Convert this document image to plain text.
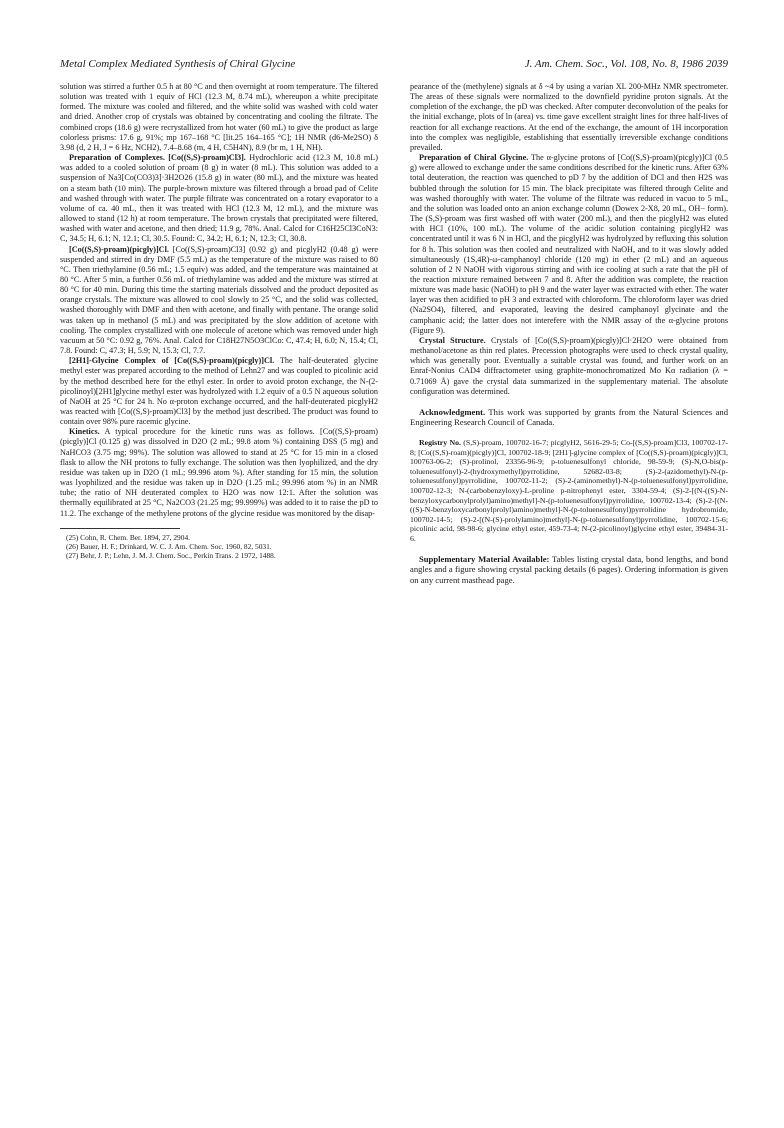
Metal Complex Mediated Synthesis of Chiral Glycine	J. Am. Chem. Soc., Vol. 108, No. 8, 1986 2039

solution was stirred a further 0.5 h at 80 °C and then overnight at room temperature. The filtered solution was treated with 1 equiv of HCl (12.3 M, 8.74 mL), whereupon a white precipitate formed. The mixture was cooled and filtered, and the white solid was washed with cold water and dried. Another crop of crystals was obtained by concentrating and cooling the filtrate. The combined crops (18.6 g) were recrystallized from hot water (60 mL) to give the product as large colorless prisms: 17.6 g, 91%; mp 167–168 °C [lit.25 164–165 °C]; 1H NMR (d6-Me2SO) δ 3.98 (d, 2 H, J = 6 Hz, NCH2), 7.4–8.68 (m, 4 H, C5H4N), 8.9 (br m, 1 H, NH).

Preparation of Complexes. [Co((S,S)-proam)Cl3]. Hydrochloric acid (12.3 M, 10.8 mL) was added to a cooled solution of proam (8 g) in water (8 mL). This solution was added to a suspension of Na3[Co(CO3)3]·3H2O26 (15.8 g) in water (80 mL), and the mixture was heated on a steam bath (10 min). The purple-brown mixture was filtered through a broad pad of Celite and washed through with water. The purple filtrate was concentrated on a rotary evaporator to a volume of ca. 40 mL, then it was treated with HCl (12.3 M, 12 mL), and the mixture was allowed to stand (12 h) at room temperature. The brown crystals that precipitated were filtered, washed with water and acetone, and then dried; 11.9 g, 78%. Anal. Calcd for C16H25Cl3CoN3: C, 34.5; H, 6.1; N, 12.1; Cl, 30.5. Found: C, 34.2; H, 6.1; N, 12.3; Cl, 30.8.

[Co((S,S)-proam)(picgly)]Cl. [Co((S,S)-proam)Cl3] (0.92 g) and picglyH2 (0.48 g) were suspended and stirred in dry DMF (5.5 mL) as the temperature of the mixture was raised to 80 °C. Then triethylamine (0.56 mL; 1.5 equiv) was added, and the temperature was maintained at 80 °C. After 5 min, a further 0.56 mL of triethylamine was added and the mixture was stirred at 80 °C for 40 min. During this time the starting materials dissolved and the product deposited as orange crystals. The mixture was allowed to cool slowly to 25 °C, and the solid was collected, washed thoroughly with DMF and then with acetone, and finally with pentane. The orange solid was taken up in methanol (5 mL) and was precipitated by the slow addition of acetone with cooling. The complex crystallized with one molecule of acetone which was removed under high vacuum at 50 °C: 0.92 g, 76%. Anal. Calcd for C18H27N5O3ClCo: C, 47.4; H, 6.0; N, 15.4; Cl, 7.8. Found: C, 47.3; H, 5.9; N, 15.3; Cl, 7.7.

[2H1]-Glycine Complex of [Co((S,S)-proam)(picgly)]Cl. The half-deuterated glycine methyl ester was prepared according to the method of Lehn27 and was coupled to picolinic acid by the method described here for the ethyl ester. In order to avoid proton exchange, the N-(2-picolinoyl)[2H1]glycine methyl ester was hydrolyzed with 1.2 equiv of a 0.5 N aqueous solution of NaOH at 25 °C for 24 h. No α-proton exchange occurred, and the half-deuterated picglyH2 was reacted with [Co((S,S)-proam)Cl3] by the method just described. The product was found to contain over 98% pure racemic glycine.

Kinetics. A typical procedure for the kinetic runs was as follows. [Co((S,S)-proam)(picgly)]Cl (0.125 g) was dissolved in D2O (2 mL; 99.8 atom %) containing DSS (5 mg) and NaHCO3 (3.75 mg; 99%). The solution was allowed to stand at 25 °C for 15 min in a closed flask to allow the NH protons to fully exchange. The solution was then lyophilized, and the dry residue was taken up in D2O (1 mL; 99.996 atom %). After standing for 15 min, the solution was lyophilized and the residue was taken up in D2O (1.25 mL; 99.996 atom %) in an NMR tube; the ratio of NH deuterated complex to H2O was now 12:1. After the solution was thermally equilibrated at 25 °C, Na2CO3 (21.25 mg; 99.999%) was added to it to raise the pD to 11.2. The exchange of the methylene protons of the glycine residue was monitored by the disap-

(25) Cohn, R. Chem. Ber. 1894, 27, 2904.

(26) Bauer, H. F.; Drinkard, W. C. J. Am. Chem. Soc. 1960, 82, 5031.

(27) Behr, J. P.; Lehn, J. M. J. Chem. Soc., Perkin Trans. 2 1972, 1488.

pearance of the (methylene) signals at δ ~4 by using a varian XL 200-MHz NMR spectrometer. The areas of these signals were normalized to the downfield pyridine proton signals. At the completion of the exchange, the pD was checked. After computer deconvolution of the peaks for the initial exchange, plots of ln (area) vs. time gave excellent straight lines for three half-lives of reaction for all exchange reactions. At the end of the exchange, the amount of 1H incorporation into the complex was negligible, establishing that essentially irreversible exchange conditions prevailed.

Preparation of Chiral Glycine. The α-glycine protons of [Co((S,S)-proam)(picgly)]Cl (0.5 g) were allowed to exchange under the same conditions described for the kinetic runs. After 63% total deuteration, the reaction was quenched to pD 7 by the addition of DCl and then H2S was bubbled through the solution for 15 min. The black precipitate was filtered through Celite and was washed thoroughly with water. The volume of the filtrate was reduced in vacuo to 5 mL, and the solution was loaded onto an anion exchange column (Dowex 2-X8, 20 mL, OH− form). The (S,S)-proam was first washed off with water (200 mL), and then the picglyH2 was eluted with HCl (10%, 100 mL). The volume of the acidic solution containing picglyH2 was concentrated until it was 6 N in HCl, and the picglyH2 was hydrolyzed by refluxing this solution for 8 h. This solution was then cooled and neutralized with NaOH, and to it was slowly added simultaneously (1S,4R)-ω-camphanoyl chloride (120 mg) in ether (2 mL) and an aqueous solution of 2 N NaOH with vigorous stirring and with ice cooling at such a rate that the pH of the reaction mixture remained between 7 and 8. After the addition was complete, the reaction mixture was made basic (NaOH) to pH 9 and the water layer was extracted with ether. The water layer was then acidified to pH 3 and extracted with chloroform. The chloroform layer was dried (Na2SO4), filtered, and evaporated, leaving the desired camphanoyl glycinate and the camphanic acid; the latter does not interefere with the NMR assay of the α-glycine protons (Figure 9).

Crystal Structure. Crystals of [Co((S,S)-proam)(picgly)]Cl·2H2O were obtained from methanol/acetone as thin red plates. Precession photographs were used to check crystal quality, which was generally poor. Eventually a suitable crystal was found, and further work on an Enraf-Nonius CAD4 diffractometer using graphite-monochromatized Mo Kα radiation (λ = 0.71069 Å) gave the crystal data summarized in the supplementary material. The absolute configuration was determined.

Acknowledgment. This work was supported by grants from the Natural Sciences and Engineering Research Council of Canada.

Registry No. (S,S)-proam, 100702-16-7; picglyH2, 5616-29-5; Co-[(S,S)-proam]Cl3, 100702-17-8; [Co((S,S)-roam)(picgly)]Cl, 100702-18-9; [2H1]-glycine complex of [Co((S,S)-proam)(picgly)]Cl, 100763-06-2; (S)-prolinol, 23356-96-9; p-toluenesulfonyl chloride, 98-59-9; (S)-N,O-bis(p-toluenesulfonyl)-2-(hydroxymethyl)pyrrolidine, 52682-03-8; (S)-2-(azidomethyl)-N-(p-toluenesulfonyl)pyrrolidine, 100702-11-2; (S)-2-(aminomethyl)-N-(p-toluenesulfonyl)pyrrolidine, 100702-12-3; N-(carbobenzyloxy)-L-proline p-nitrophenyl ester, 3304-59-4; (S)-2-[(N-((S)-N-benzyloxycarbonylprolyl)amino)methyl]-N-(p-toluenesulfonyl)pyrrolidine, 100702-13-4; (S)-2-[(N-((S)-N-benzyloxycarbonylprolyl)amino)methyl]-N-(p-toluenesulfonyl)pyrrolidine hydrobromide, 100702-14-5; (S)-2-[(N-(S)-prolylamino)methyl]-N-(p-toluenesulfonyl)pyrrolidine, 100702-15-6; picolinic acid, 98-98-6; glycine ethyl ester, 459-73-4; N-(2-picolinoyl)glycine ethyl ester, 39484-31-6.

Supplementary Material Available: Tables listing crystal data, bond lengths, and bond angles and a figure showing crystal packing details (6 pages). Ordering information is given on any current masthead page.
